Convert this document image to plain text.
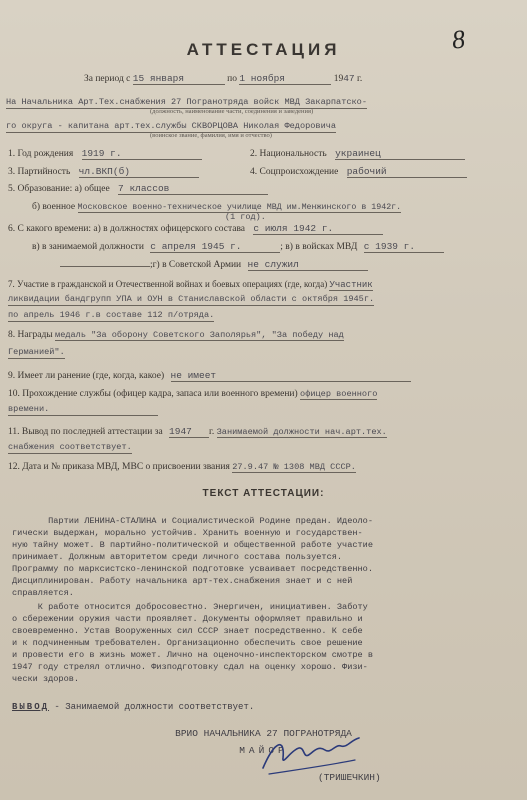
8
АТТЕСТАЦИЯ
За период с 15 января	по 1 ноября	1947 г.
На Начальника Арт.Тех.снабжения 27 Погранотряда войск МВД Закарпатско-
(должность, наименование части, соединения и заведения)
го округа - капитана арт.тех.службы СКВОРЦОВА Николая Федоровича
(воинское звание, фамилия, имя и отчество)
1. Год рождения 1919 г.	2. Национальность украинец
3. Партийность чл.ВКП(б)	4. Соцпроисхождение рабочий
5. Образование: а) общее 7 классов
б) военное Московское военно-техническое училище МВД им.Менжинского в 1942г.
(1 год).
6. С какого времени: а) в должностях офицерского состава с июля 1942 г.
в) в занимаемой должности с апреля 1945 г.	; в) в войсках МВД с 1939 г.
;г) в Советской Армии не служил
7. Участие в гражданской и Отечественной войнах и боевых операциях (где, когда) Участник
ликвидации бандгрупп УПА и ОУН в Станиславской области с октября 1945г.
по апрель 1946 г.в составе 112 п/отряда.
8. Награды медаль "За оборону Советского Заполярья", "За победу над
Германией".
9. Имеет ли ранение (где, когда, какое) не имеет
10. Прохождение службы (офицер кадра, запаса или военного времени) офицер военного
времени.
11. Вывод по последней аттестации за 1947 г. Занимаемой должности нач.арт.тех.
снабжения соответствует.
12. Дата и № приказа МВД, МВС о присвоении звания 27.9.47 № 1308 МВД СССР.
ТЕКСТ АТТЕСТАЦИИ:
Партии ЛЕНИНА-СТАЛИНА и Социалистической Родине предан. Идеоло-
гически выдержан, морально устойчив. Хранить военную и государствен-
ную тайну может. В партийно-политической и общественной работе участие
принимает. Должным авторитетом среди личного состава пользуется.
Программу по марксистско-ленинской подготовке усваивает посредственно.
Дисциплинирован. Работу начальника арт-тех.снабжения знает и с ней
справляется.
К работе относится добросовестно. Энергичен, инициативен. Заботу
о сбережении оружия части проявляет. Документы оформляет правильно и
своевременно. Устав Вооруженных сил СССР знает посредственно. К себе
и к подчиненным требователен. Организационно обеспечить свое решение
и провести его в жизнь может. Лично на оценочно-инспекторском смотре в
1947 году стрелял отлично. Физподготовку сдал на оценку хорошо. Физи-
чески здоров.
ВЫВОД - Занимаемой должности соответствует.
ВРИО НАЧАЛЬНИКА 27 ПОГРАНОТРЯДА
МАЙОР
(ТРИШЕЧКИН)
